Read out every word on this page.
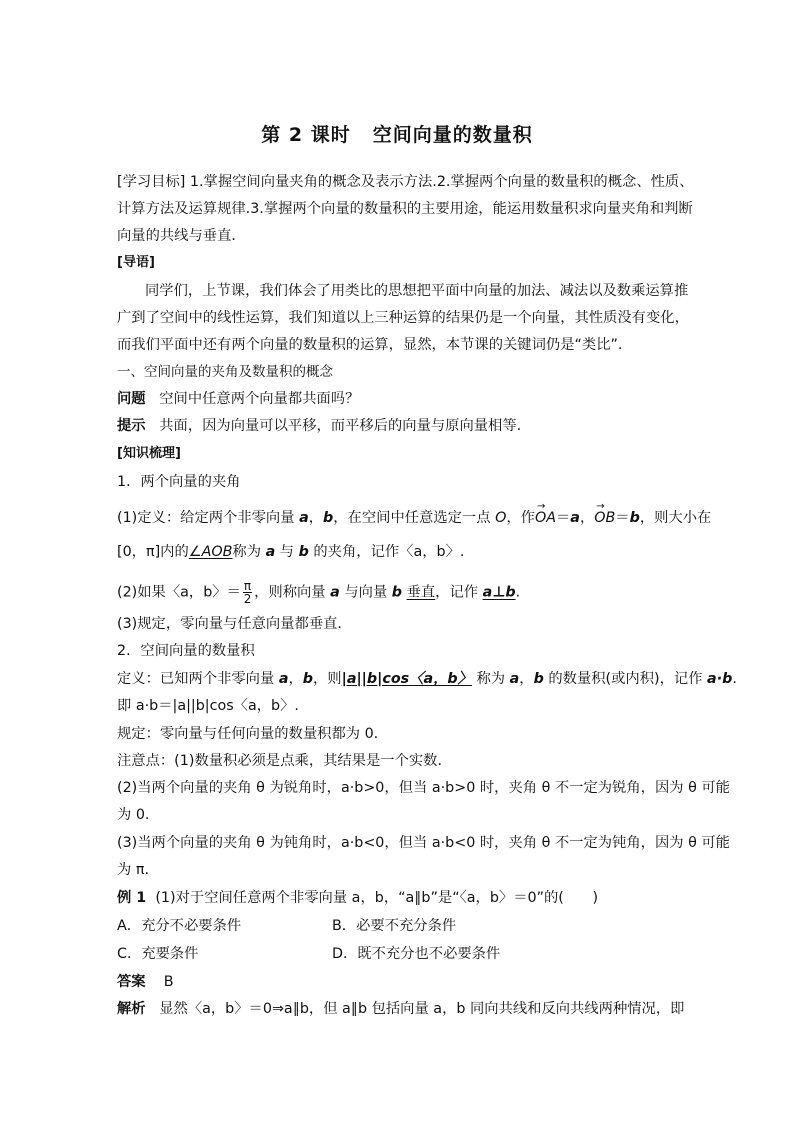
第 2 课时 空间向量的数量积
[学习目标] 1.掌握空间向量夹角的概念及表示方法.2.掌握两个向量的数量积的概念、性质、
计算方法及运算规律.3.掌握两个向量的数量积的主要用途，能运用数量积求向量夹角和判断
向量的共线与垂直．
[导语]
同学们，上节课，我们体会了用类比的思想把平面中向量的加法、减法以及数乘运算推
广到了空间中的线性运算，我们知道以上三种运算的结果仍是一个向量，其性质没有变化，
而我们平面中还有两个向量的数量积的运算，显然，本节课的关键词仍是“类比”.
一、空间向量的夹角及数量积的概念
问题 空间中任意两个向量都共面吗？
提示 共面，因为向量可以平移，而平移后的向量与原向量相等．
[知识梳理]
1．两个向量的夹角
(1)定义：给定两个非零向量 a，b，在空间中任意选定一点 O，作→ OA＝a，→ OB＝b，则大小在
[0，π]内的∠AOB称为 a 与 b 的夹角，记作〈a，b〉.
(2)如果〈a，b〉＝ $\frac{\pi}{2}$ ，则称向量 a 与向量 b 垂直，记作 a⊥b.
(3)规定，零向量与任意向量都垂直．
2．空间向量的数量积
定义：已知两个非零向量 a，b，则|a||b|cos〈a，b〉 称为 a，b 的数量积(或内积)，记作 a·b.
即 a·b＝|a||b|cos〈a，b〉.
规定：零向量与任何向量的数量积都为 0.
注意点：(1)数量积必须是点乘，其结果是一个实数．
(2)当两个向量的夹角 θ 为锐角时，a·b>0，但当 a·b>0 时，夹角 θ 不一定为锐角，因为 θ 可能
为 0.
(3)当两个向量的夹角 θ 为钝角时，a·b<0，但当 a·b<0 时，夹角 θ 不一定为钝角，因为 θ 可能
为 π.
例 1 (1)对于空间任意两个非零向量 a，b，“a∥b”是“〈a，b〉＝0”的(　　)
A．充分不必要条件	B．必要不充分条件
C．充要条件	D．既不充分也不必要条件
答案 B
解析 显然〈a，b〉＝0⇒a∥b，但 a∥b 包括向量 a，b 同向共线和反向共线两种情况，即
